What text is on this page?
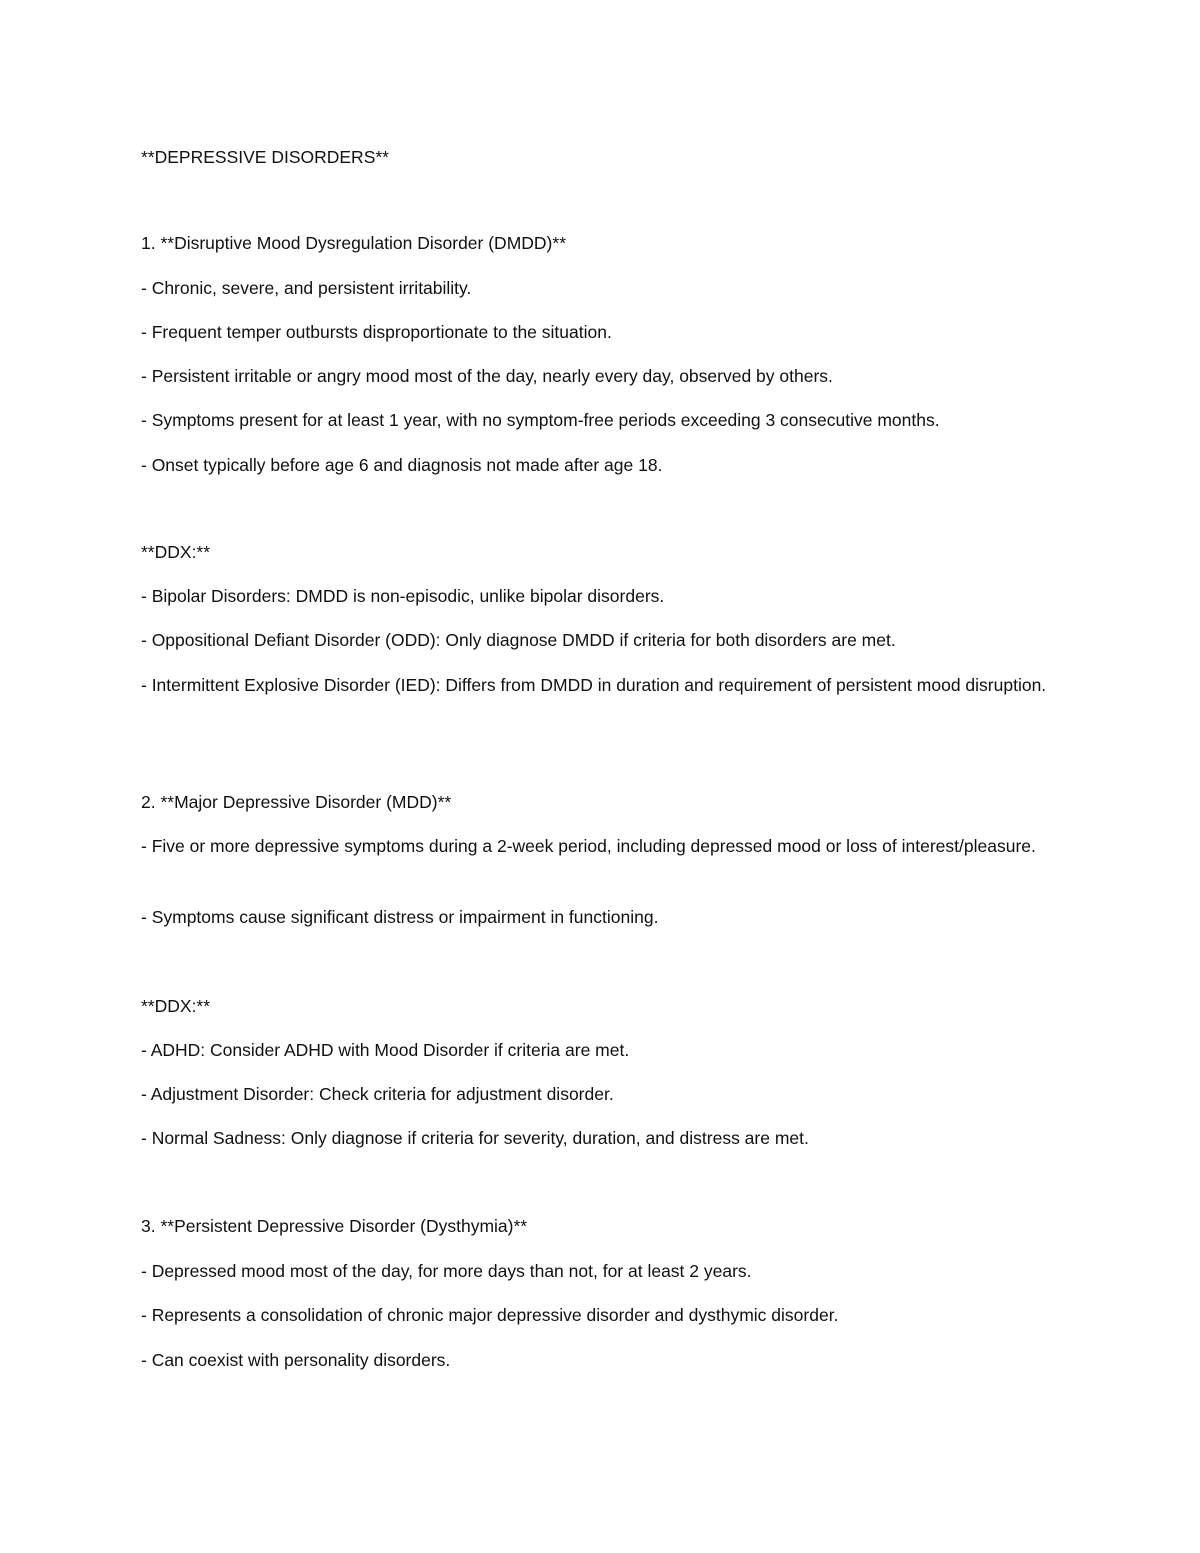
**DEPRESSIVE DISORDERS**
1. **Disruptive Mood Dysregulation Disorder (DMDD)**
- Chronic, severe, and persistent irritability.
- Frequent temper outbursts disproportionate to the situation.
- Persistent irritable or angry mood most of the day, nearly every day, observed by others.
- Symptoms present for at least 1 year, with no symptom-free periods exceeding 3 consecutive months.
- Onset typically before age 6 and diagnosis not made after age 18.
**DDX:**
- Bipolar Disorders: DMDD is non-episodic, unlike bipolar disorders.
- Oppositional Defiant Disorder (ODD): Only diagnose DMDD if criteria for both disorders are met.
- Intermittent Explosive Disorder (IED): Differs from DMDD in duration and requirement of persistent mood disruption.
2. **Major Depressive Disorder (MDD)**
- Five or more depressive symptoms during a 2-week period, including depressed mood or loss of interest/pleasure.
- Symptoms cause significant distress or impairment in functioning.
**DDX:**
- ADHD: Consider ADHD with Mood Disorder if criteria are met.
- Adjustment Disorder: Check criteria for adjustment disorder.
- Normal Sadness: Only diagnose if criteria for severity, duration, and distress are met.
3. **Persistent Depressive Disorder (Dysthymia)**
- Depressed mood most of the day, for more days than not, for at least 2 years.
- Represents a consolidation of chronic major depressive disorder and dysthymic disorder.
- Can coexist with personality disorders.
